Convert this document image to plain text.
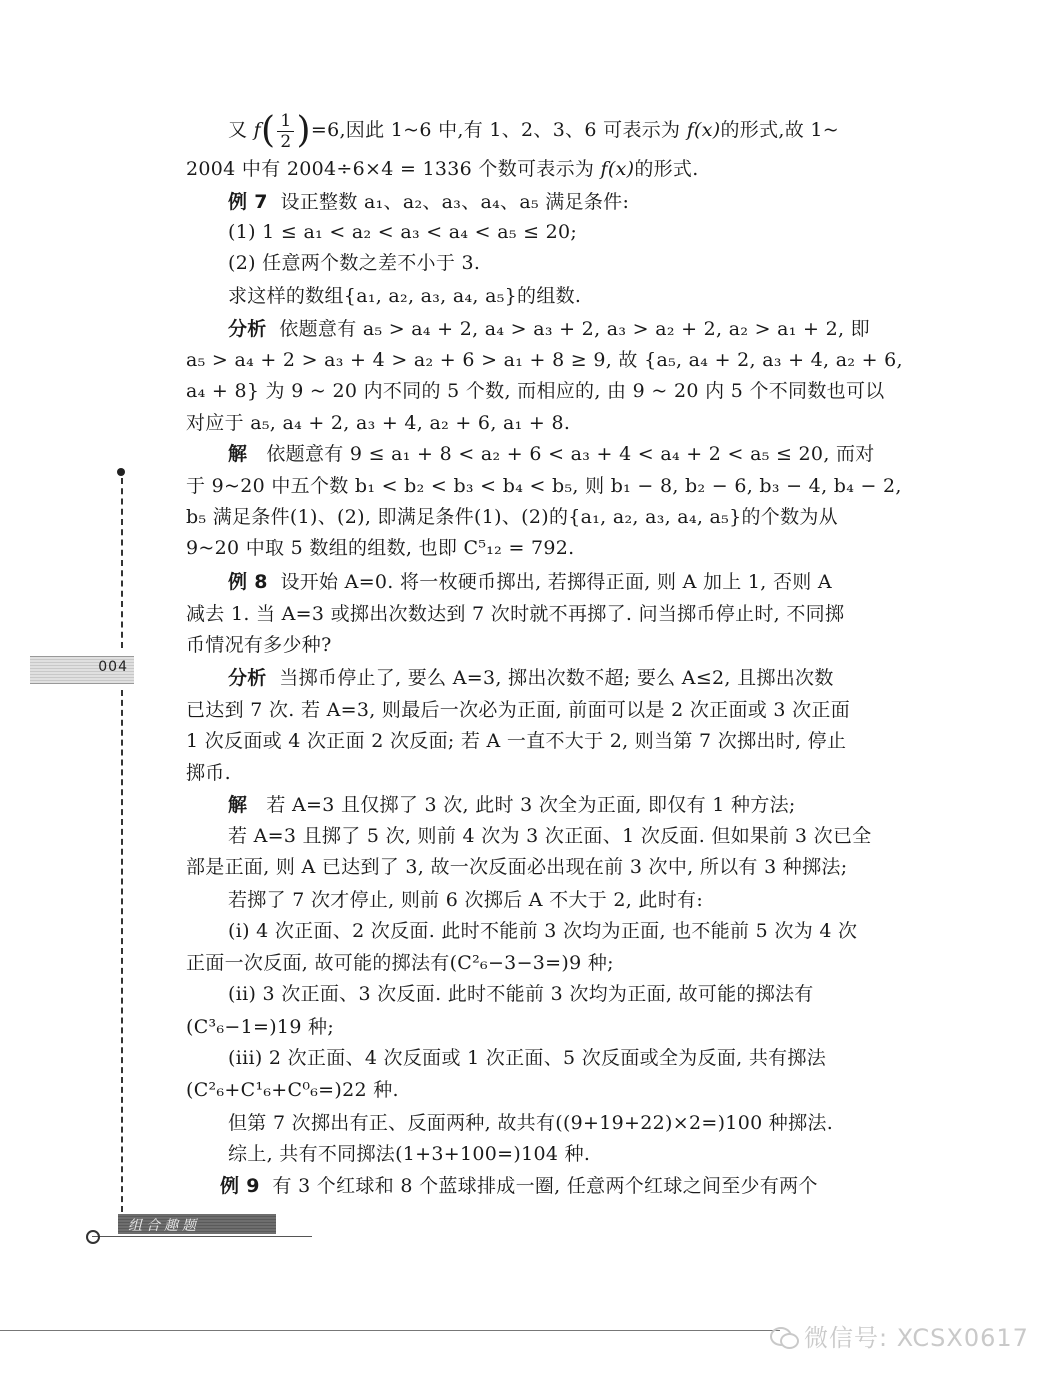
又 $f( \frac{1}{2} )=6$,因此 1~6 中,有 1、2、3、6 可表示为 f(x)的形式,故 1~
2004 中有 2004÷6×4 = 1336 个数可表示为 f(x)的形式.
例 7 设正整数 a₁、a₂、a₃、a₄、a₅ 满足条件:
(1) 1 ≤ a₁ < a₂ < a₃ < a₄ < a₅ ≤ 20;
(2) 任意两个数之差不小于 3.
求这样的数组{a₁, a₂, a₃, a₄, a₅}的组数.
分析 依题意有 a₅ > a₄ + 2, a₄ > a₃ + 2, a₃ > a₂ + 2, a₂ > a₁ + 2, 即
a₅ > a₄ + 2 > a₃ + 4 > a₂ + 6 > a₁ + 8 ≥ 9, 故 {a₅, a₄ + 2, a₃ + 4, a₂ + 6,
a₄ + 8} 为 9 ~ 20 内不同的 5 个数, 而相应的, 由 9 ~ 20 内 5 个不同数也可以
对应于 a₅, a₄ + 2, a₃ + 4, a₂ + 6, a₁ + 8.
解 依题意有 9 ≤ a₁ + 8 < a₂ + 6 < a₃ + 4 < a₄ + 2 < a₅ ≤ 20, 而对
于 9~20 中五个数 b₁ < b₂ < b₃ < b₄ < b₅, 则 b₁ − 8, b₂ − 6, b₃ − 4, b₄ − 2,
b₅ 满足条件(1)、(2), 即满足条件(1)、(2)的{a₁, a₂, a₃, a₄, a₅}的个数为从
9~20 中取 5 数组的组数, 也即 C⁵₁₂ = 792.
例 8 设开始 A=0. 将一枚硬币掷出, 若掷得正面, 则 A 加上 1, 否则 A
减去 1. 当 A=3 或掷出次数达到 7 次时就不再掷了. 问当掷币停止时, 不同掷
币情况有多少种?
分析 当掷币停止了, 要么 A=3, 掷出次数不超; 要么 A≤2, 且掷出次数
已达到 7 次. 若 A=3, 则最后一次必为正面, 前面可以是 2 次正面或 3 次正面
1 次反面或 4 次正面 2 次反面; 若 A 一直不大于 2, 则当第 7 次掷出时, 停止
掷币.
解 若 A=3 且仅掷了 3 次, 此时 3 次全为正面, 即仅有 1 种方法;
若 A=3 且掷了 5 次, 则前 4 次为 3 次正面、1 次反面. 但如果前 3 次已全
部是正面, 则 A 已达到了 3, 故一次反面必出现在前 3 次中, 所以有 3 种掷法;
若掷了 7 次才停止, 则前 6 次掷后 A 不大于 2, 此时有:
(i) 4 次正面、2 次反面. 此时不能前 3 次均为正面, 也不能前 5 次为 4 次
正面一次反面, 故可能的掷法有(C²₆−3−3=)9 种;
(ii) 3 次正面、3 次反面. 此时不能前 3 次均为正面, 故可能的掷法有
(C³₆−1=)19 种;
(iii) 2 次正面、4 次反面或 1 次正面、5 次反面或全为反面, 共有掷法
(C²₆+C¹₆+C⁰₆=)22 种.
但第 7 次掷出有正、反面两种, 故共有((9+19+22)×2=)100 种掷法.
综上, 共有不同掷法(1+3+100=)104 种.
例 9 有 3 个红球和 8 个蓝球排成一圈, 任意两个红球之间至少有两个
004
组合趣题
微信号: XCSX0617
